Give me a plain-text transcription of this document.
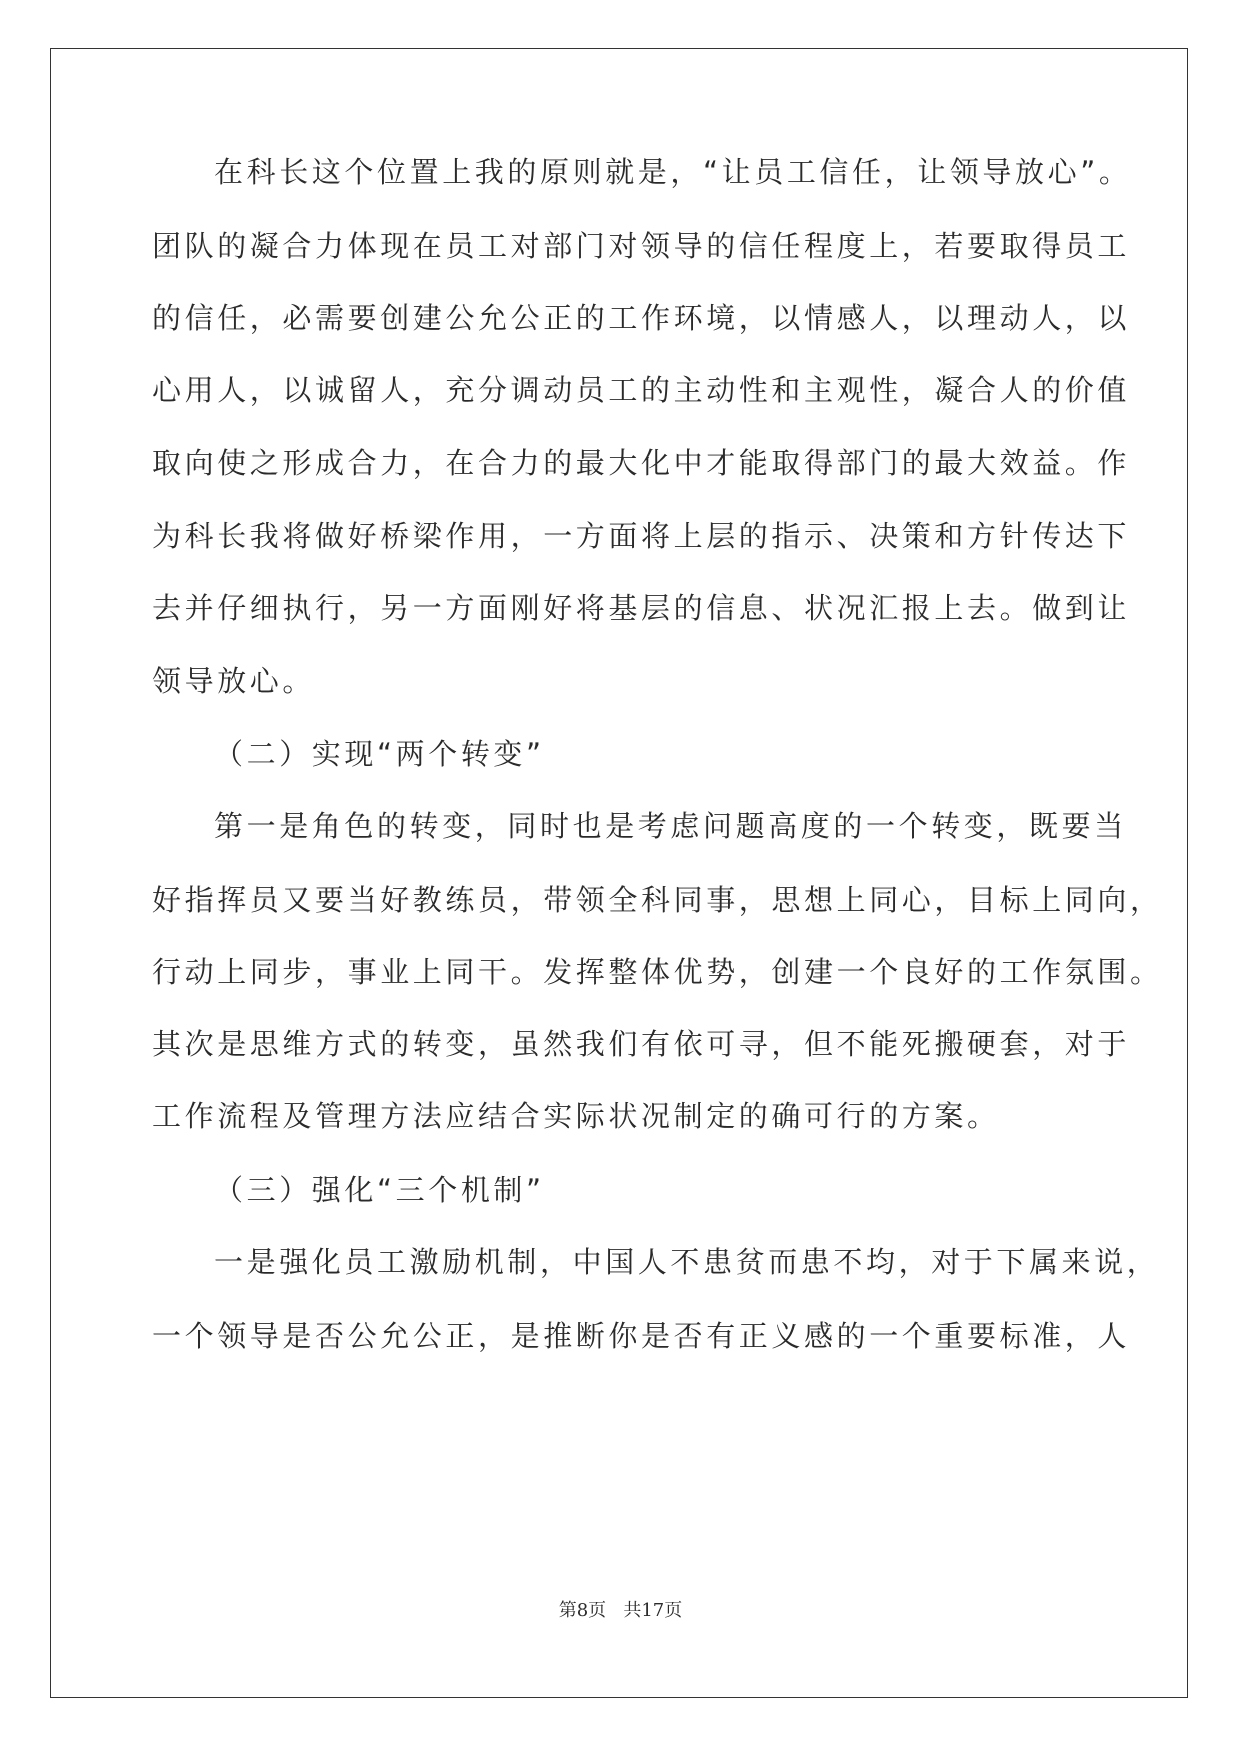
在科长这个位置上我的原则就是，“让员工信任，让领导放心”。

团队的凝合力体现在员工对部门对领导的信任程度上，若要取得员工

的信任，必需要创建公允公正的工作环境，以情感人，以理动人，以

心用人，以诚留人，充分调动员工的主动性和主观性，凝合人的价值

取向使之形成合力，在合力的最大化中才能取得部门的最大效益。作

为科长我将做好桥梁作用，一方面将上层的指示、决策和方针传达下

去并仔细执行，另一方面刚好将基层的信息、状况汇报上去。做到让

领导放心。

（二）实现“两个转变”

第一是角色的转变，同时也是考虑问题高度的一个转变，既要当

好指挥员又要当好教练员，带领全科同事，思想上同心，目标上同向，

行动上同步，事业上同干。发挥整体优势，创建一个良好的工作氛围。

其次是思维方式的转变，虽然我们有依可寻，但不能死搬硬套，对于

工作流程及管理方法应结合实际状况制定的确可行的方案。

（三）强化“三个机制”

一是强化员工激励机制，中国人不患贫而患不均，对于下属来说，

一个领导是否公允公正，是推断你是否有正义感的一个重要标准，人

第8页   共17页
